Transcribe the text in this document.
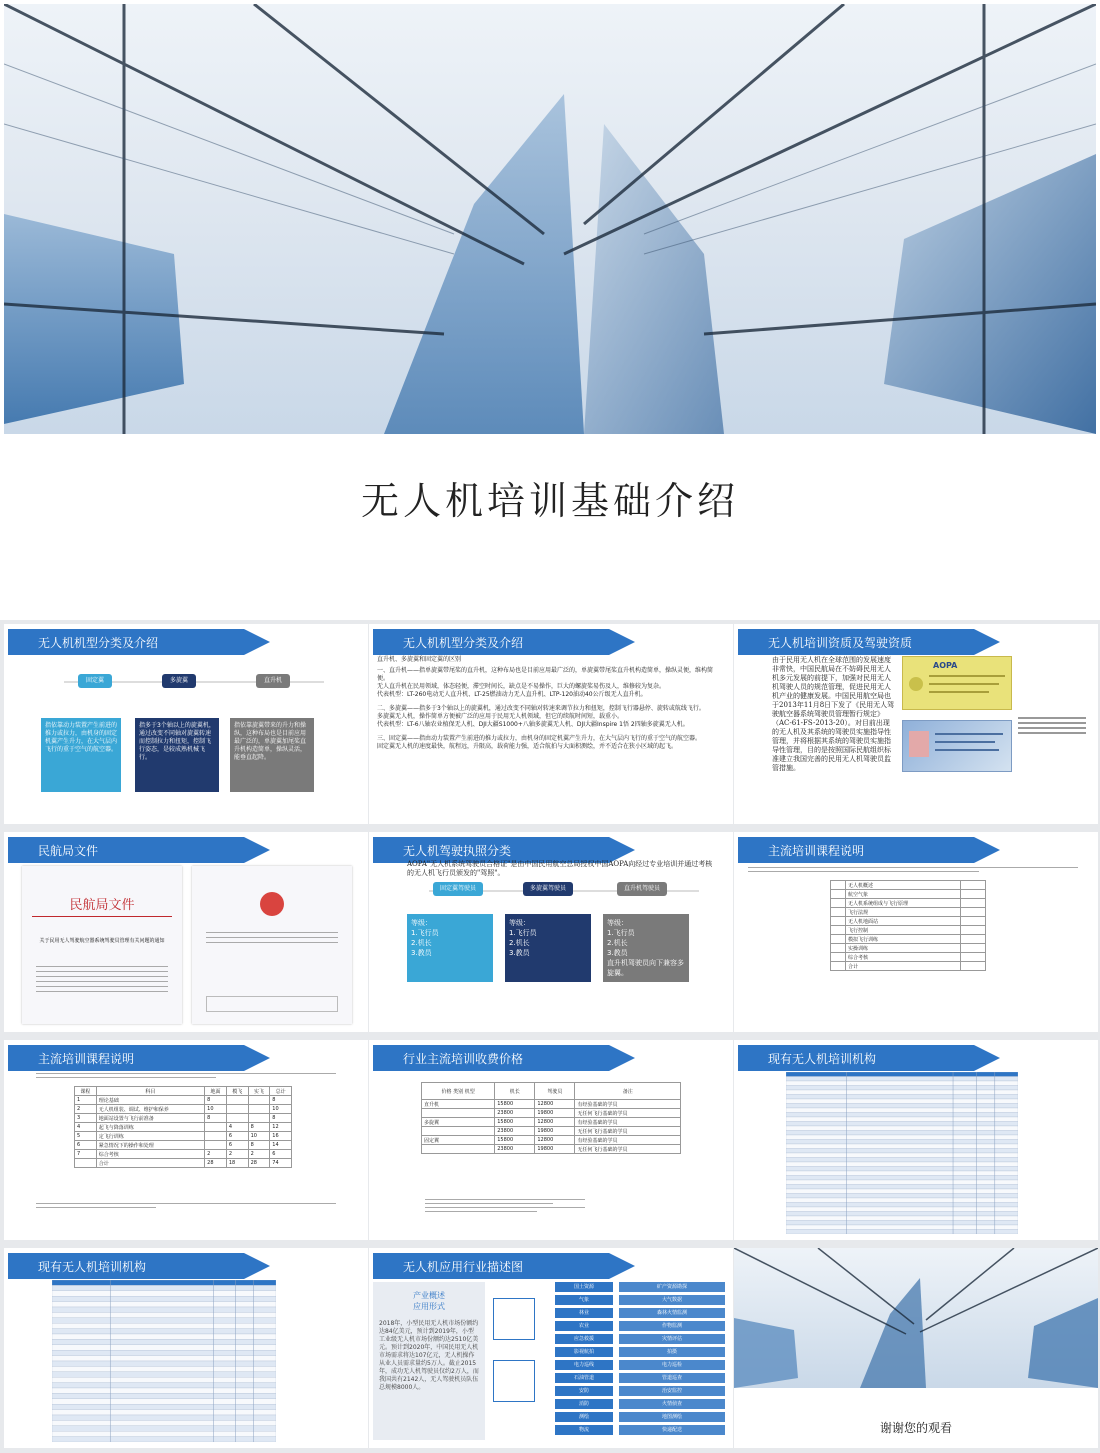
无人机培训基础介绍
无人机机型分类及介绍
固定翼	多旋翼	直升机
指依靠动力装置产生前进的推力或拉力，由机身的固定机翼产生升力，在大气层内飞行的重于空气的航空器。
指多于3个轴以上的旋翼机，通过改变不同轴对旋翼转速而控制拉力和扭矩，控制飞行姿态，是较成熟机械飞行。
指依靠旋翼带来的升力和操纵，这种布局也是目前应用最广泛的，单旋翼加尾桨直升机构造简单，操纵灵活，能垂直起降。
无人机机型分类及介绍
直升机、多旋翼和固定翼的区别
一、直升机——指单旋翼带尾桨的直升机，这种布局也是目前应用最广泛的，单旋翼带尾桨直升机构造简单，操纵灵便，维构简便。
无人直升机在民用领域，体态轻便，滞空时间长，缺点是不易操作，巨大的螺旋桨易伤及人，维修较为复杂。
代表机型：LT-260电动无人直升机、LT-25燃油动力无人直升机、LTP-120油动40公斤级无人直升机。
二、多旋翼——指多于3个轴以上的旋翼机，通过改变不同轴对转速来调节拉力和扭矩，控制飞行器悬停、旋转或航线飞行。
多旋翼无人机，操作简单方便被广泛的应用于民用无人机领域，但它的续航时间短，载重小。
代表机型：LT-6八轴农业植保无人机、DJI大疆S1000+八轴多旋翼无人机、DJI大疆Inspire 1悟 2四轴多旋翼无人机。
三、固定翼——指由动力装置产生前进的推力或拉力，由机身的固定机翼产生升力，在大气层内飞行的重于空气的航空器。
固定翼无人机的速度最快，航程远，升限高，载荷能力强，适合航拍与大面积测绘，并不适合在狭小区域的起飞。
无人机培训资质及驾驶资质
由于民用无人机在全球范围的发展速度非常快，中国民航局在不妨碍民用无人机多元发展的前提下，加强对民用无人机驾驶人员的规范管理，促进民用无人机产业的健康发展。中国民用航空局也于2013年11月8日下发了《民用无人驾驶航空器系统驾驶员管理暂行规定》（AC-61-FS-2013-20）。对目前出现的无人机及其系统的驾驶员实施指导性管理，并将根据其系统的驾驶员实施指导性管理，目的是按照国际民航组织标准建立我国完善的民用无人机驾驶员监管措施。
AOPA
民航局文件
民航局文件
关于民用无人驾驶航空器系统驾驶员管理有关问题的通知
无人机驾驶执照分类
AOPA"无人机系统驾驶员合格证"是由中国民用航空总局授权中国AOPA向经过专业培训并通过考核的无人机飞行员颁发的"驾照"。
固定翼驾驶员	多旋翼驾驶员	直升机驾驶员
等级：
1.飞行员
2.机长
3.教员
等级：
1.飞行员
2.机长
3.教员
等级：
1.飞行员
2.机长
3.教员
直升机驾驶员向下兼容多旋翼。
主流培训课程说明
	无人机概述	
	航空气象	
	无人机系统组成与飞行原理	
	飞行法规	
	无人机地面站	
	飞行控制	
	模拟飞行训练	
	实操训练	
	综合考核	
	合计	
主流培训课程说明
课程	科目	地面	模飞	实飞	总计
1	理论基础	8			8
2	无人机组装、调试、维护和保养	10			10
3	地面站设置与飞行前准备	8			8
4	起飞与降落训练		4	8	12
5	定飞行训练		6	10	16
6	紧急情况下的操作和处理		6	8	14
7	综合考核	2	2	2	6
	合计	28	18	28	74
行业主流培训收费价格
价格 类别 机型	机长	驾驶员	备注
直升机	15800	12800	有经验基础的学员
	23800	19800	无任何飞行基础的学员
多旋翼	15800	12800	有经验基础的学员
	23800	19800	无任何飞行基础的学员
固定翼	15800	12800	有经验基础的学员
	23800	19800	无任何飞行基础的学员
现有无人机培训机构
现有无人机培训机构	无人机应用行业描述图
产业概述
应用形式
2018年，小型民用无人机市场份额约达84亿美元，预计到2019年，小型工业级无人机市场份额约达2510亿美元。预计到2020年，中国民用无人机市场需求将达107亿元，无人机操作从业人员需求量约5万人。截止2015年，成功无人机驾驶员仅约2万人，而我国共有2142人，无人驾驶机员队伍总规模8000人。
国土资源
气象
林业
农业
应急救援
影视航拍
电力巡线
石油管道
安防
消防
测绘
物流
矿产资源勘探
大气数据
森林火情监测
作物监测
灾情评估
拍摄
电力巡检
管道巡查
治安监控
火情侦查
地图测绘
快递配送	谢谢您的观看
